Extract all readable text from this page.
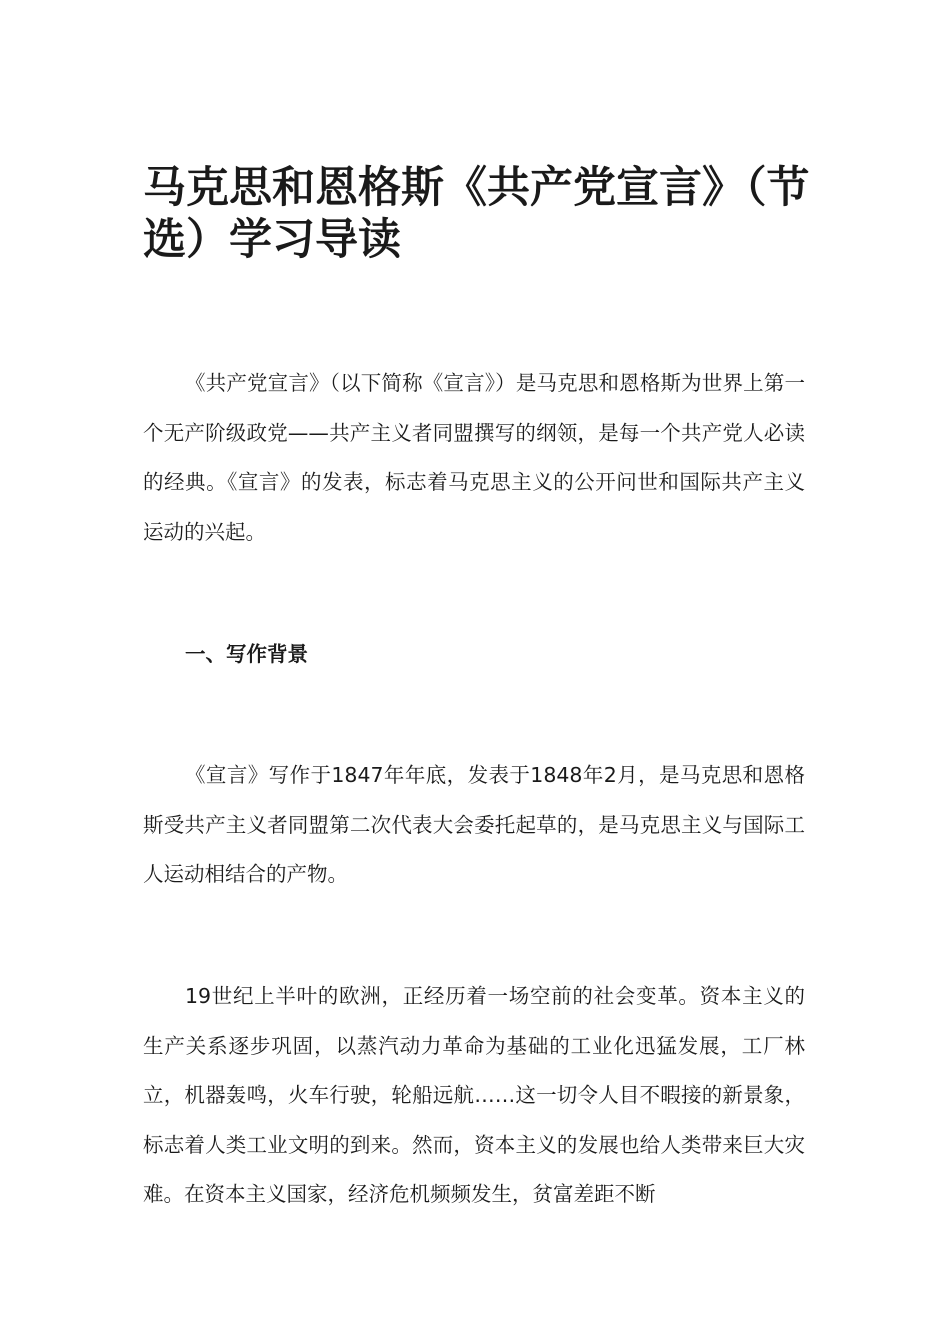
马克思和恩格斯《共产党宣言》（节选）学习导读

《共产党宣言》（以下简称《宣言》）是马克思和恩格斯为世界上第一个无产阶级政党——共产主义者同盟撰写的纲领，是每一个共产党人必读的经典。《宣言》的发表，标志着马克思主义的公开问世和国际共产主义运动的兴起。

一、写作背景

《宣言》写作于1847年年底，发表于1848年2月，是马克思和恩格斯受共产主义者同盟第二次代表大会委托起草的，是马克思主义与国际工人运动相结合的产物。

19世纪上半叶的欧洲，正经历着一场空前的社会变革。资本主义的生产关系逐步巩固，以蒸汽动力革命为基础的工业化迅猛发展，工厂林立，机器轰鸣，火车行驶，轮船远航……这一切令人目不暇接的新景象，标志着人类工业文明的到来。然而，资本主义的发展也给人类带来巨大灾难。在资本主义国家，经济危机频频发生，贫富差距不断
